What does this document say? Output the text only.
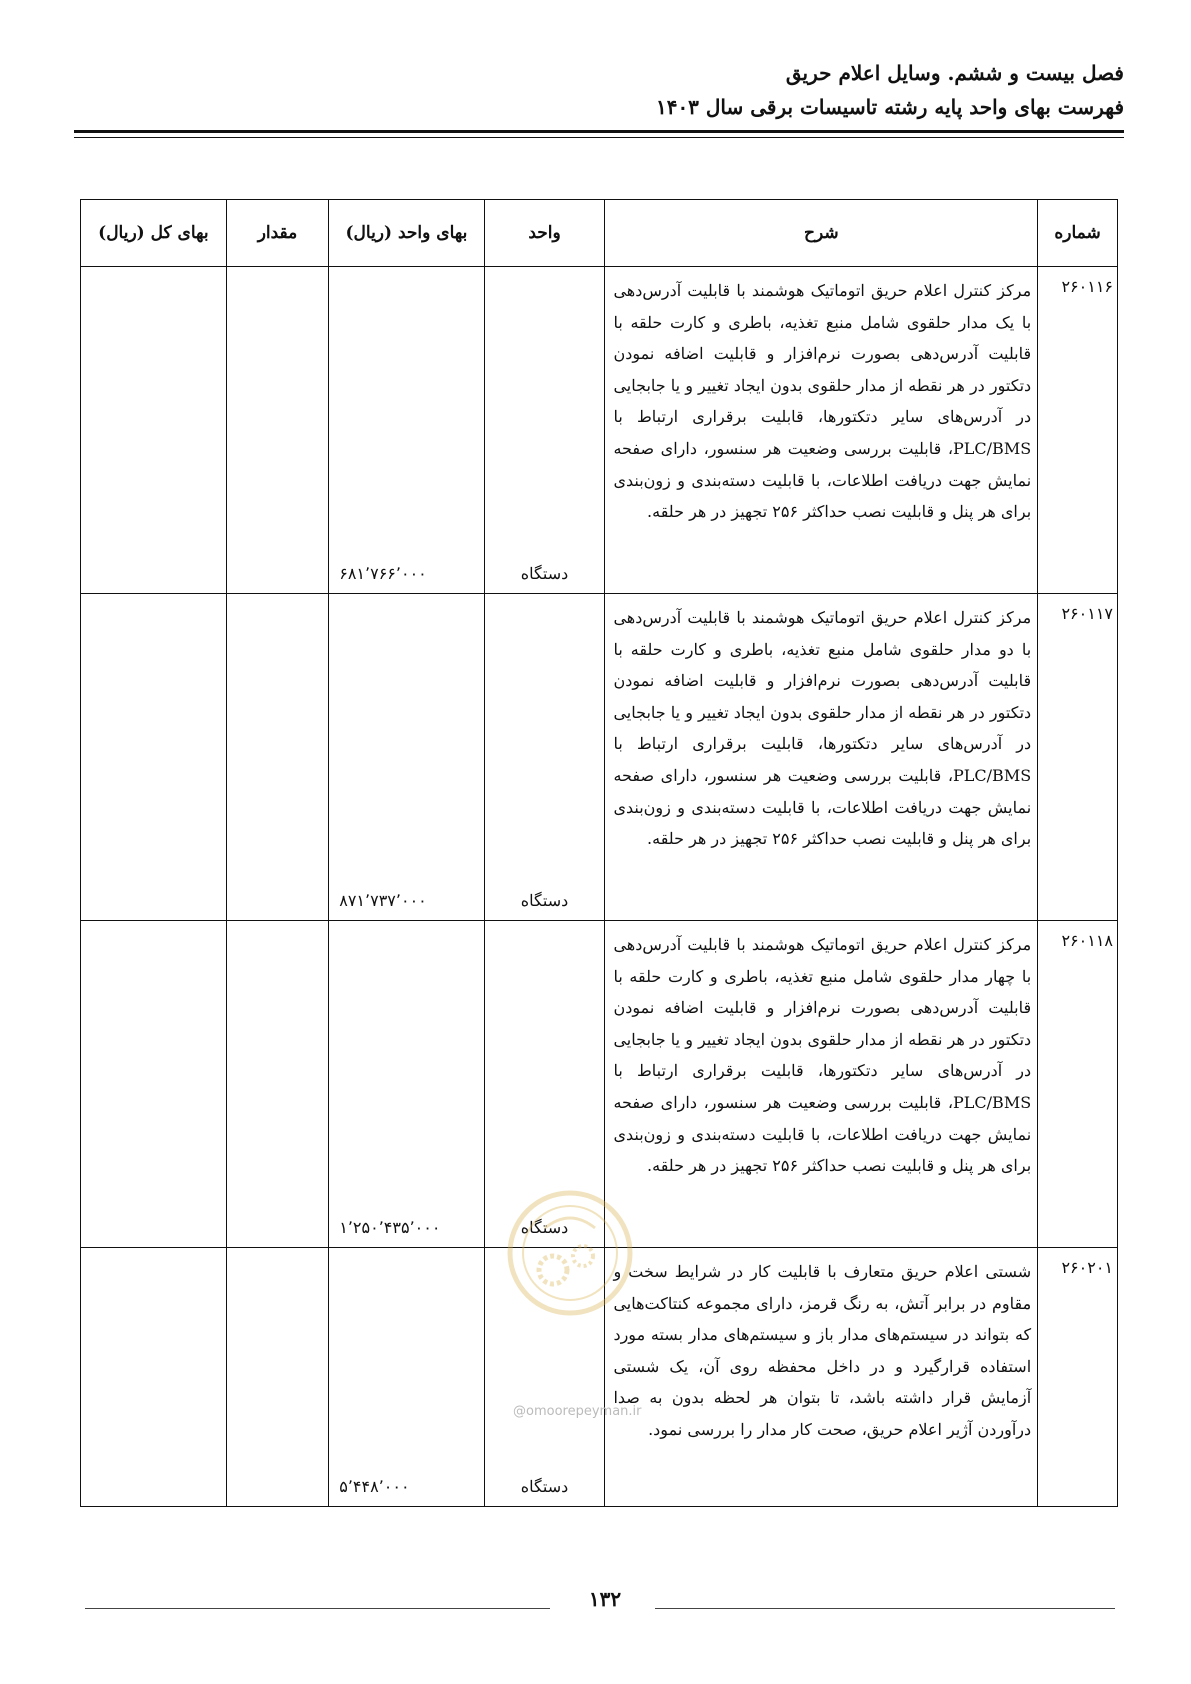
فصل بیست و ششم. وسایل اعلام حریق
فهرست بهای واحد پایه رشته تاسیسات برقی سال ۱۴۰۳
شماره	شرح	واحد	بهای واحد (ریال)	مقدار	بهای کل (ریال)
۲۶۰۱۱۶	مرکز کنترل اعلام حریق اتوماتیک هوشمند با قابلیت آدرس‌دهی با یک مدار حلقوی شامل منبع تغذیه، باطری و کارت حلقه با قابلیت آدرس‌دهی بصورت نرم‌افزار و قابلیت اضافه نمودن دتکتور در هر نقطه از مدار حلقوی بدون ایجاد تغییر و یا جابجایی در آدرس‌های سایر دتکتورها، قابلیت برقراری ارتباط با PLC/BMS، قابلیت بررسی وضعیت هر سنسور، دارای صفحه نمایش جهت دریافت اطلاعات، با قابلیت دسته‌بندی و زون‌بندی برای هر پنل و قابلیت نصب حداکثر ۲۵۶ تجهیز در هر حلقه.	دستگاه	۶۸۱٬۷۶۶٬۰۰۰		
۲۶۰۱۱۷	مرکز کنترل اعلام حریق اتوماتیک هوشمند با قابلیت آدرس‌دهی با دو مدار حلقوی شامل منبع تغذیه، باطری و کارت حلقه با قابلیت آدرس‌دهی بصورت نرم‌افزار و قابلیت اضافه نمودن دتکتور در هر نقطه از مدار حلقوی بدون ایجاد تغییر و یا جابجایی در آدرس‌های سایر دتکتورها، قابلیت برقراری ارتباط با PLC/BMS، قابلیت بررسی وضعیت هر سنسور، دارای صفحه نمایش جهت دریافت اطلاعات، با قابلیت دسته‌بندی و زون‌بندی برای هر پنل و قابلیت نصب حداکثر ۲۵۶ تجهیز در هر حلقه.	دستگاه	۸۷۱٬۷۳۷٬۰۰۰		
۲۶۰۱۱۸	مرکز کنترل اعلام حریق اتوماتیک هوشمند با قابلیت آدرس‌دهی با چهار مدار حلقوی شامل منبع تغذیه، باطری و کارت حلقه با قابلیت آدرس‌دهی بصورت نرم‌افزار و قابلیت اضافه نمودن دتکتور در هر نقطه از مدار حلقوی بدون ایجاد تغییر و یا جابجایی در آدرس‌های سایر دتکتورها، قابلیت برقراری ارتباط با PLC/BMS، قابلیت بررسی وضعیت هر سنسور، دارای صفحه نمایش جهت دریافت اطلاعات، با قابلیت دسته‌بندی و زون‌بندی برای هر پنل و قابلیت نصب حداکثر ۲۵۶ تجهیز در هر حلقه.	دستگاه	۱٬۲۵۰٬۴۳۵٬۰۰۰		
۲۶۰۲۰۱	شستی اعلام حریق متعارف با قابلیت کار در شرایط سخت و مقاوم در برابر آتش، به رنگ قرمز، دارای مجموعه کنتاکت‌هایی که بتواند در سیستم‌های مدار باز و سیستم‌های مدار بسته مورد استفاده قرارگیرد و در داخل محفظه روی آن، یک شستی آزمایش قرار داشته باشد، تا بتوان هر لحظه بدون به صدا درآوردن آژیر اعلام حریق، صحت کار مدار را بررسی نمود.	دستگاه	۵٬۴۴۸٬۰۰۰		
@omoorepeyman.ir
۱۳۲
